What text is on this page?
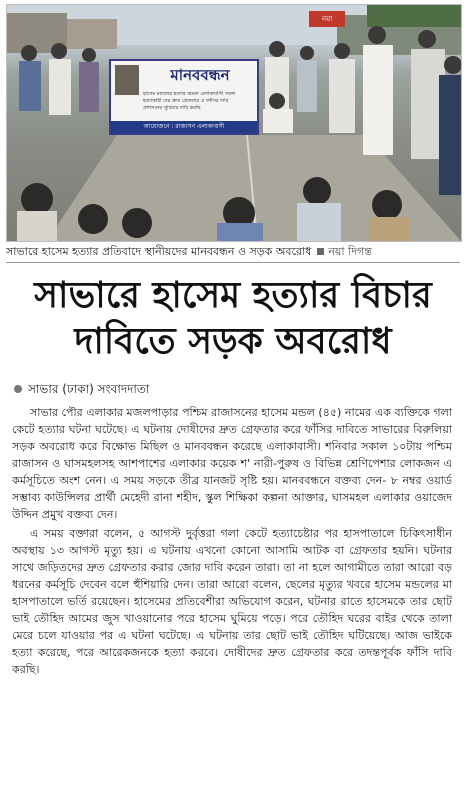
মানববন্ধন
হাসেম মন্ডলের হত্যার অমনা এলাকাবাসী সকল
হত্যাকারী দের দ্রুত গ্রেফতার ও ফাঁসির দাবি
প্রশাসনের সুবিচার দাবি করছি
আয়োজনে : রাজাসন এলাকাবাসী
নয়া
সাভারে হাসেম হত্যার প্রতিবাদে স্থানীয়দের মানববন্ধন ও সড়ক অবরোধ নয়া দিগন্ত
সাভারে হাসেম হত্যার বিচার
দাবিতে সড়ক অবরোধ
সাভার (ঢাকা) সংবাদদাতা

সাভার পৌর এলাকার মজলপাড়ার পশ্চিম রাজাসনের হাসেম মন্ডল (৪৫) নামের এক ব্যক্তিকে গলা কেটে হত্যার ঘটনা ঘটেছে। এ ঘটনায় দোষীদের দ্রুত গ্রেফতার করে ফাঁসির দাবিতে সাভারের বিরুলিয়া সড়ক অবরোধ করে বিক্ষোভ মিছিল ও মানববন্ধন করেছে এলাকাবাসী। শনিবার সকাল ১০টায় পশ্চিম রাজাসন ও ঘাসমহলসহ আশপাশের এলাকার কয়েক শ' নারী-পুরুষ ও বিভিন্ন শ্রেণিপেশার লোকজন এ কর্মসূচিতে অংশ নেন। এ সময় সড়কে তীব্র যানজট সৃষ্টি হয়। মানববন্ধনে বক্তব্য দেন- ৮ নম্বর ওয়ার্ড সম্ভাব্য কাউন্সিলর প্রার্থী মেহেদী রানা শহীদ, স্কুল শিক্ষিকা কল্পনা আক্তার, ঘাসমহল এলাকার ওয়াজেদ উদ্দিন প্রমুখ বক্তব্য দেন।

এ সময় বক্তারা বলেন, ৫ আগস্ট দুর্বৃত্তরা গলা কেটে হত্যাচেষ্টার পর হাসপাতালে চিকিৎসাধীন অবস্থায় ১৩ আগস্ট মৃত্যু হয়। এ ঘটনায় এখনো কোনো আসামি আটক বা গ্রেফতার হয়নি। ঘটনার সাথে জড়িতদের দ্রুত গ্রেফতার করার জোর দাবি করেন তারা। তা না হলে আগামীতে তারা আরো বড় ধরনের কর্মসূচি দেবেন বলে হুঁশিয়ারি দেন। তারা আরো বলেন, ছেলের মৃত্যুর খবরে হাসেম মন্ডলের মা হাসপাতালে ভর্তি রয়েছেন। হাসেমের প্রতিবেশীরা অভিযোগ করেন, ঘটনার রাতে হাসেমকে তার ছোট ভাই তৌহিদ আমের জুস খাওয়ানোর পরে হাসেম ঘুমিয়ে পড়ে। পরে তৌহিদ ঘরের বাইর থেকে তালা মেরে চলে যাওয়ার পর এ ঘটনা ঘটেছে। এ ঘটনায় তার ছোট ভাই তৌহিদ ঘটিয়েছে। আজ ভাইকে হত্যা করেছে, পরে আরেকজনকে হত্যা করবে। দোষীদের দ্রুত গ্রেফতার করে তদন্তপূর্বক ফাঁসি দাবি করছি।
